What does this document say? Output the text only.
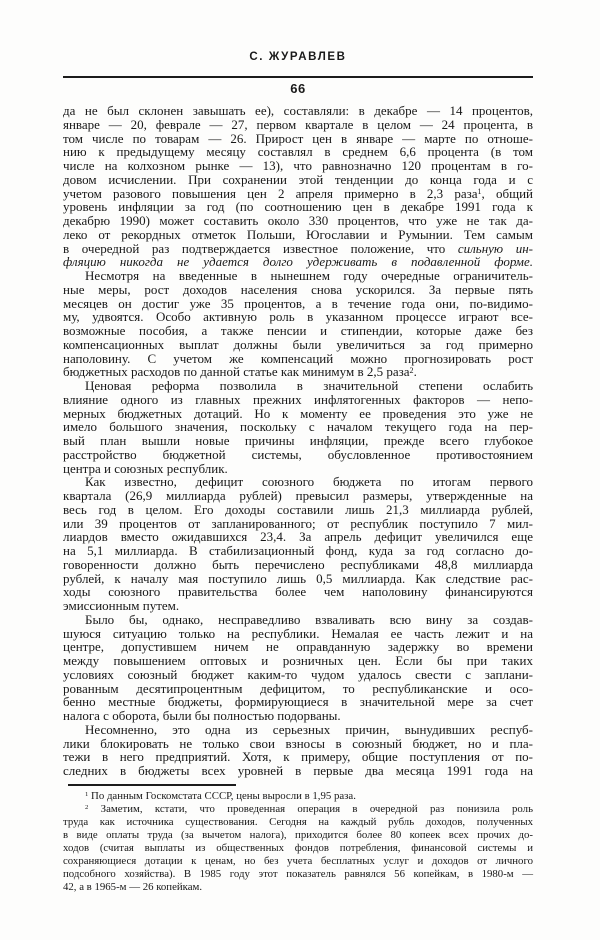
С. ЖУРАВЛЕВ
66
да не был склонен завышать ее), составляли: в декабре — 14 процентов,
январе — 20, феврале — 27, первом квартале в целом — 24 процента, в
том числе по товарам — 26. Прирост цен в январе — марте по отноше-
нию к предыдущему месяцу составлял в среднем 6,6 процента (в том
числе на колхозном рынке — 13), что равнозначно 120 процентам в го-
довом исчислении. При сохранении этой тенденции до конца года и с
учетом разового повышения цен 2 апреля примерно в 2,3 раза$^1$, общий
уровень инфляции за год (по соотношению цен в декабре 1991 года к
декабрю 1990) может составить около 330 процентов, что уже не так да-
леко от рекордных отметок Польши, Югославии и Румынии. Тем самым
в очередной раз подтверждается известное положение, что сильную ин-
фляцию никогда не удается долго удерживать в подавленной форме.
Несмотря на введенные в нынешнем году очередные ограничитель-
ные меры, рост доходов населения снова ускорился. За первые пять
месяцев он достиг уже 35 процентов, а в течение года они, по-видимо-
му, удвоятся. Особо активную роль в указанном процессе играют все-
возможные пособия, а также пенсии и стипендии, которые даже без
компенсационных выплат должны были увеличиться за год примерно
наполовину. С учетом же компенсаций можно прогнозировать рост
бюджетных расходов по данной статье как минимум в 2,5 раза$^2$.
Ценовая реформа позволила в значительной степени ослабить
влияние одного из главных прежних инфлятогенных факторов — непо-
мерных бюджетных дотаций. Но к моменту ее проведения это уже не
имело большого значения, поскольку с началом текущего года на пер-
вый план вышли новые причины инфляции, прежде всего глубокое
расстройство бюджетной системы, обусловленное противостоянием
центра и союзных республик.
Как известно, дефицит союзного бюджета по итогам первого
квартала (26,9 миллиарда рублей) превысил размеры, утвержденные на
весь год в целом. Его доходы составили лишь 21,3 миллиарда рублей,
или 39 процентов от запланированного; от республик поступило 7 мил-
лиардов вместо ожидавшихся 23,4. За апрель дефицит увеличился еще
на 5,1 миллиарда. В стабилизационный фонд, куда за год согласно до-
говоренности должно быть перечислено республиками 48,8 миллиарда
рублей, к началу мая поступило лишь 0,5 миллиарда. Как следствие рас-
ходы союзного правительства более чем наполовину финансируются
эмиссионным путем.
Было бы, однако, несправедливо взваливать всю вину за создав-
шуюся ситуацию только на республики. Немалая ее часть лежит и на
центре, допустившем ничем не оправданную задержку во времени
между повышением оптовых и розничных цен. Если бы при таких
условиях союзный бюджет каким-то чудом удалось свести с заплани-
рованным десятипроцентным дефицитом, то республиканские и осо-
бенно местные бюджеты, формирующиеся в значительной мере за счет
налога с оборота, были бы полностью подорваны.
Несомненно, это одна из серьезных причин, вынудивших респуб-
лики блокировать не только свои взносы в союзный бюджет, но и пла-
тежи в него предприятий. Хотя, к примеру, общие поступления от по-
следних в бюджеты всех уровней в первые два месяца 1991 года на
$^1$ По данным Госкомстата СССР, цены выросли в 1,95 раза.
$^2$ Заметим, кстати, что проведенная операция в очередной раз понизила роль
труда как источника существования. Сегодня на каждый рубль доходов, полученных
в виде оплаты труда (за вычетом налога), приходится более 80 копеек всех прочих до-
ходов (считая выплаты из общественных фондов потребления, финансовой системы и
сохраняющиеся дотации к ценам, но без учета бесплатных услуг и доходов от личного
подсобного хозяйства). В 1985 году этот показатель равнялся 56 копейкам, в 1980-м —
42, а в 1965-м — 26 копейкам.
